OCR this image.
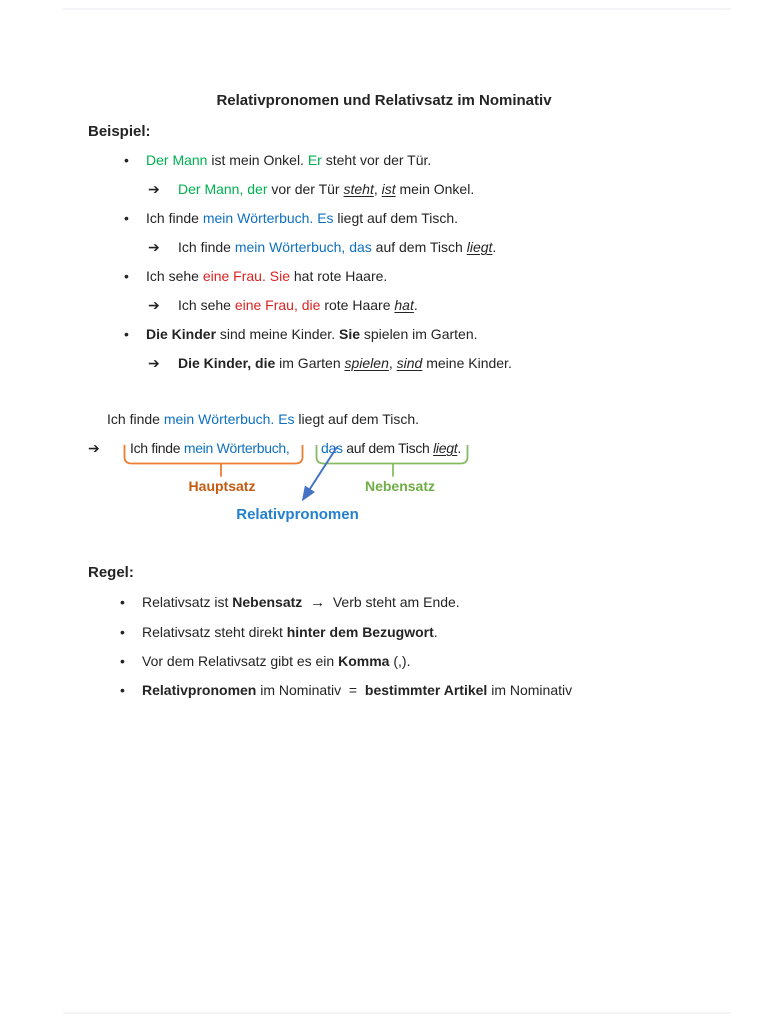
Relativpronomen und Relativsatz im Nominativ
Beispiel:
• Der Mann ist mein Onkel. Er steht vor der Tür.
➔ Der Mann, der vor der Tür steht, ist mein Onkel.
• Ich finde mein Wörterbuch. Es liegt auf dem Tisch.
➔ Ich finde mein Wörterbuch, das auf dem Tisch liegt.
• Ich sehe eine Frau. Sie hat rote Haare.
➔ Ich sehe eine Frau, die rote Haare hat.
• Die Kinder sind meine Kinder. Sie spielen im Garten.
➔ Die Kinder, die im Garten spielen, sind meine Kinder.
Ich finde mein Wörterbuch. Es liegt auf dem Tisch.
➔ Ich finde mein Wörterbuch, das auf dem Tisch liegt.
Hauptsatz	Nebensatz
Relativpronomen
Regel:
• Relativsatz ist Nebensatz →  Verb steht am Ende.
• Relativsatz steht direkt hinter dem Bezugwort.
• Vor dem Relativsatz gibt es ein Komma (,).
• Relativpronomen im Nominativ  =  bestimmter Artikel im Nominativ
